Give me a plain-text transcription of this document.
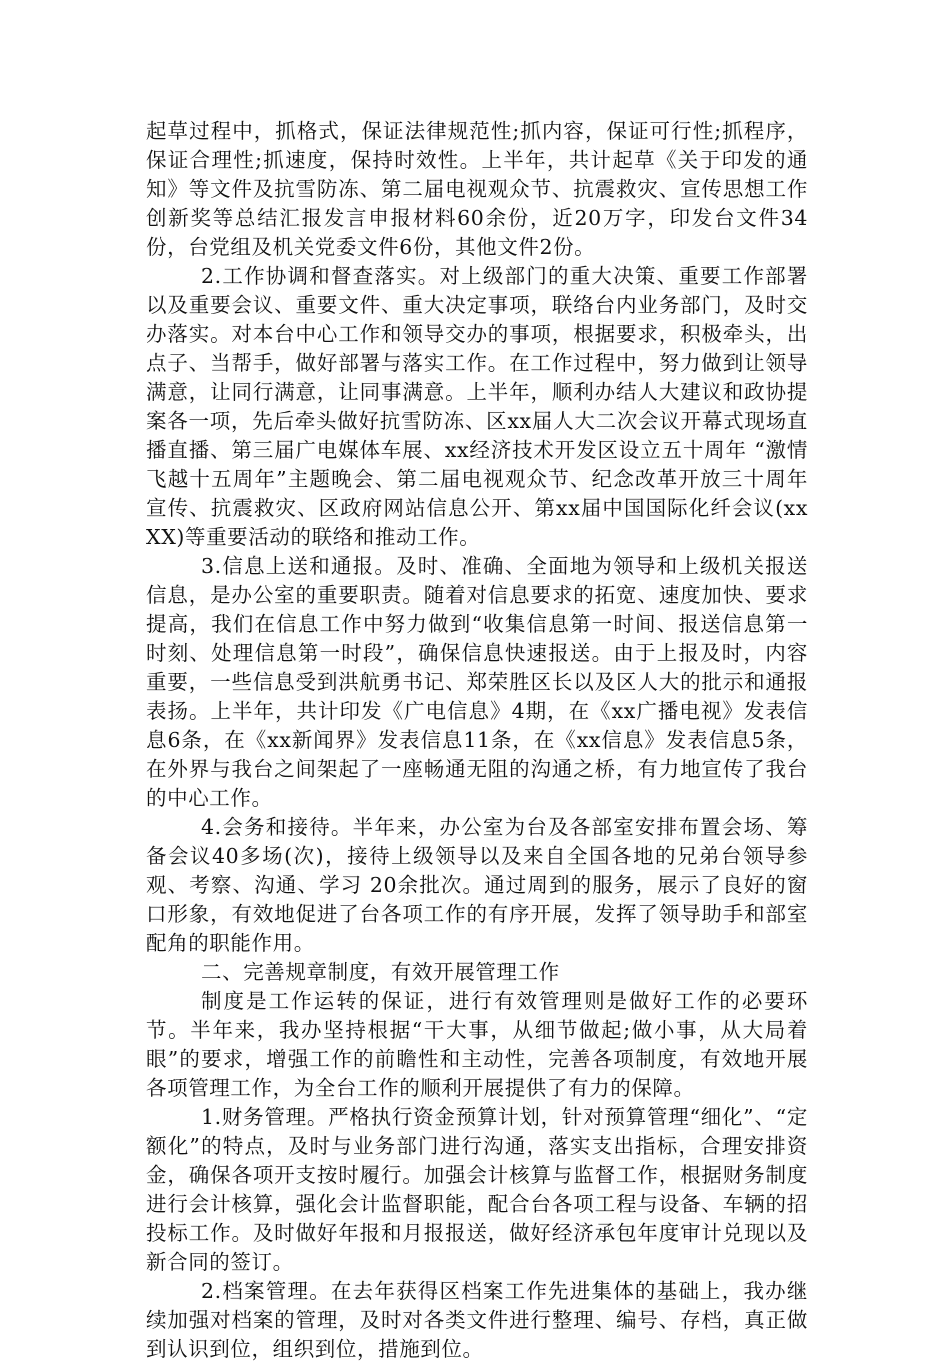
起草过程中，抓格式，保证法律规范性;抓内容，保证可行性;抓程序，保证合理性;抓速度，保持时效性。上半年，共计起草《关于印发的通知》等文件及抗雪防冻、第二届电视观众节、抗震救灾、宣传思想工作创新奖等总结汇报发言申报材料60余份，近20万字，印发台文件34份，台党组及机关党委文件6份，其他文件2份。

2.工作协调和督查落实。对上级部门的重大决策、重要工作部署以及重要会议、重要文件、重大决定事项，联络台内业务部门，及时交办落实。对本台中心工作和领导交办的事项，根据要求，积极牵头，出点子、当帮手，做好部署与落实工作。在工作过程中，努力做到让领导满意，让同行满意，让同事满意。上半年，顺利办结人大建议和政协提案各一项，先后牵头做好抗雪防冻、区xx届人大二次会议开幕式现场直播直播、第三届广电媒体车展、xx经济技术开发区设立五十周年 “激情飞越十五周年”主题晚会、第二届电视观众节、纪念改革开放三十周年宣传、抗震救灾、区政府网站信息公开、第xx届中国国际化纤会议(xxXX)等重要活动的联络和推动工作。

3.信息上送和通报。及时、准确、全面地为领导和上级机关报送信息，是办公室的重要职责。随着对信息要求的拓宽、速度加快、要求提高，我们在信息工作中努力做到“收集信息第一时间、报送信息第一时刻、处理信息第一时段”，确保信息快速报送。由于上报及时，内容重要，一些信息受到洪航勇书记、郑荣胜区长以及区人大的批示和通报表扬。上半年，共计印发《广电信息》4期，在《xx广播电视》发表信息6条，在《xx新闻界》发表信息11条，在《xx信息》发表信息5条，在外界与我台之间架起了一座畅通无阻的沟通之桥，有力地宣传了我台的中心工作。

4.会务和接待。半年来，办公室为台及各部室安排布置会场、筹备会议40多场(次)，接待上级领导以及来自全国各地的兄弟台领导参观、考察、沟通、学习 20余批次。通过周到的服务，展示了良好的窗口形象，有效地促进了台各项工作的有序开展，发挥了领导助手和部室配角的职能作用。

二、完善规章制度，有效开展管理工作

制度是工作运转的保证，进行有效管理则是做好工作的必要环节。半年来，我办坚持根据“干大事，从细节做起;做小事，从大局着眼”的要求，增强工作的前瞻性和主动性，完善各项制度，有效地开展各项管理工作，为全台工作的顺利开展提供了有力的保障。

1.财务管理。严格执行资金预算计划，针对预算管理“细化”、“定额化”的特点，及时与业务部门进行沟通，落实支出指标，合理安排资金，确保各项开支按时履行。加强会计核算与监督工作，根据财务制度进行会计核算，强化会计监督职能，配合台各项工程与设备、车辆的招投标工作。及时做好年报和月报报送，做好经济承包年度审计兑现以及新合同的签订。

2.档案管理。在去年获得区档案工作先进集体的基础上，我办继续加强对档案的管理，及时对各类文件进行整理、编号、存档，真正做到认识到位，组织到位，措施到位。
